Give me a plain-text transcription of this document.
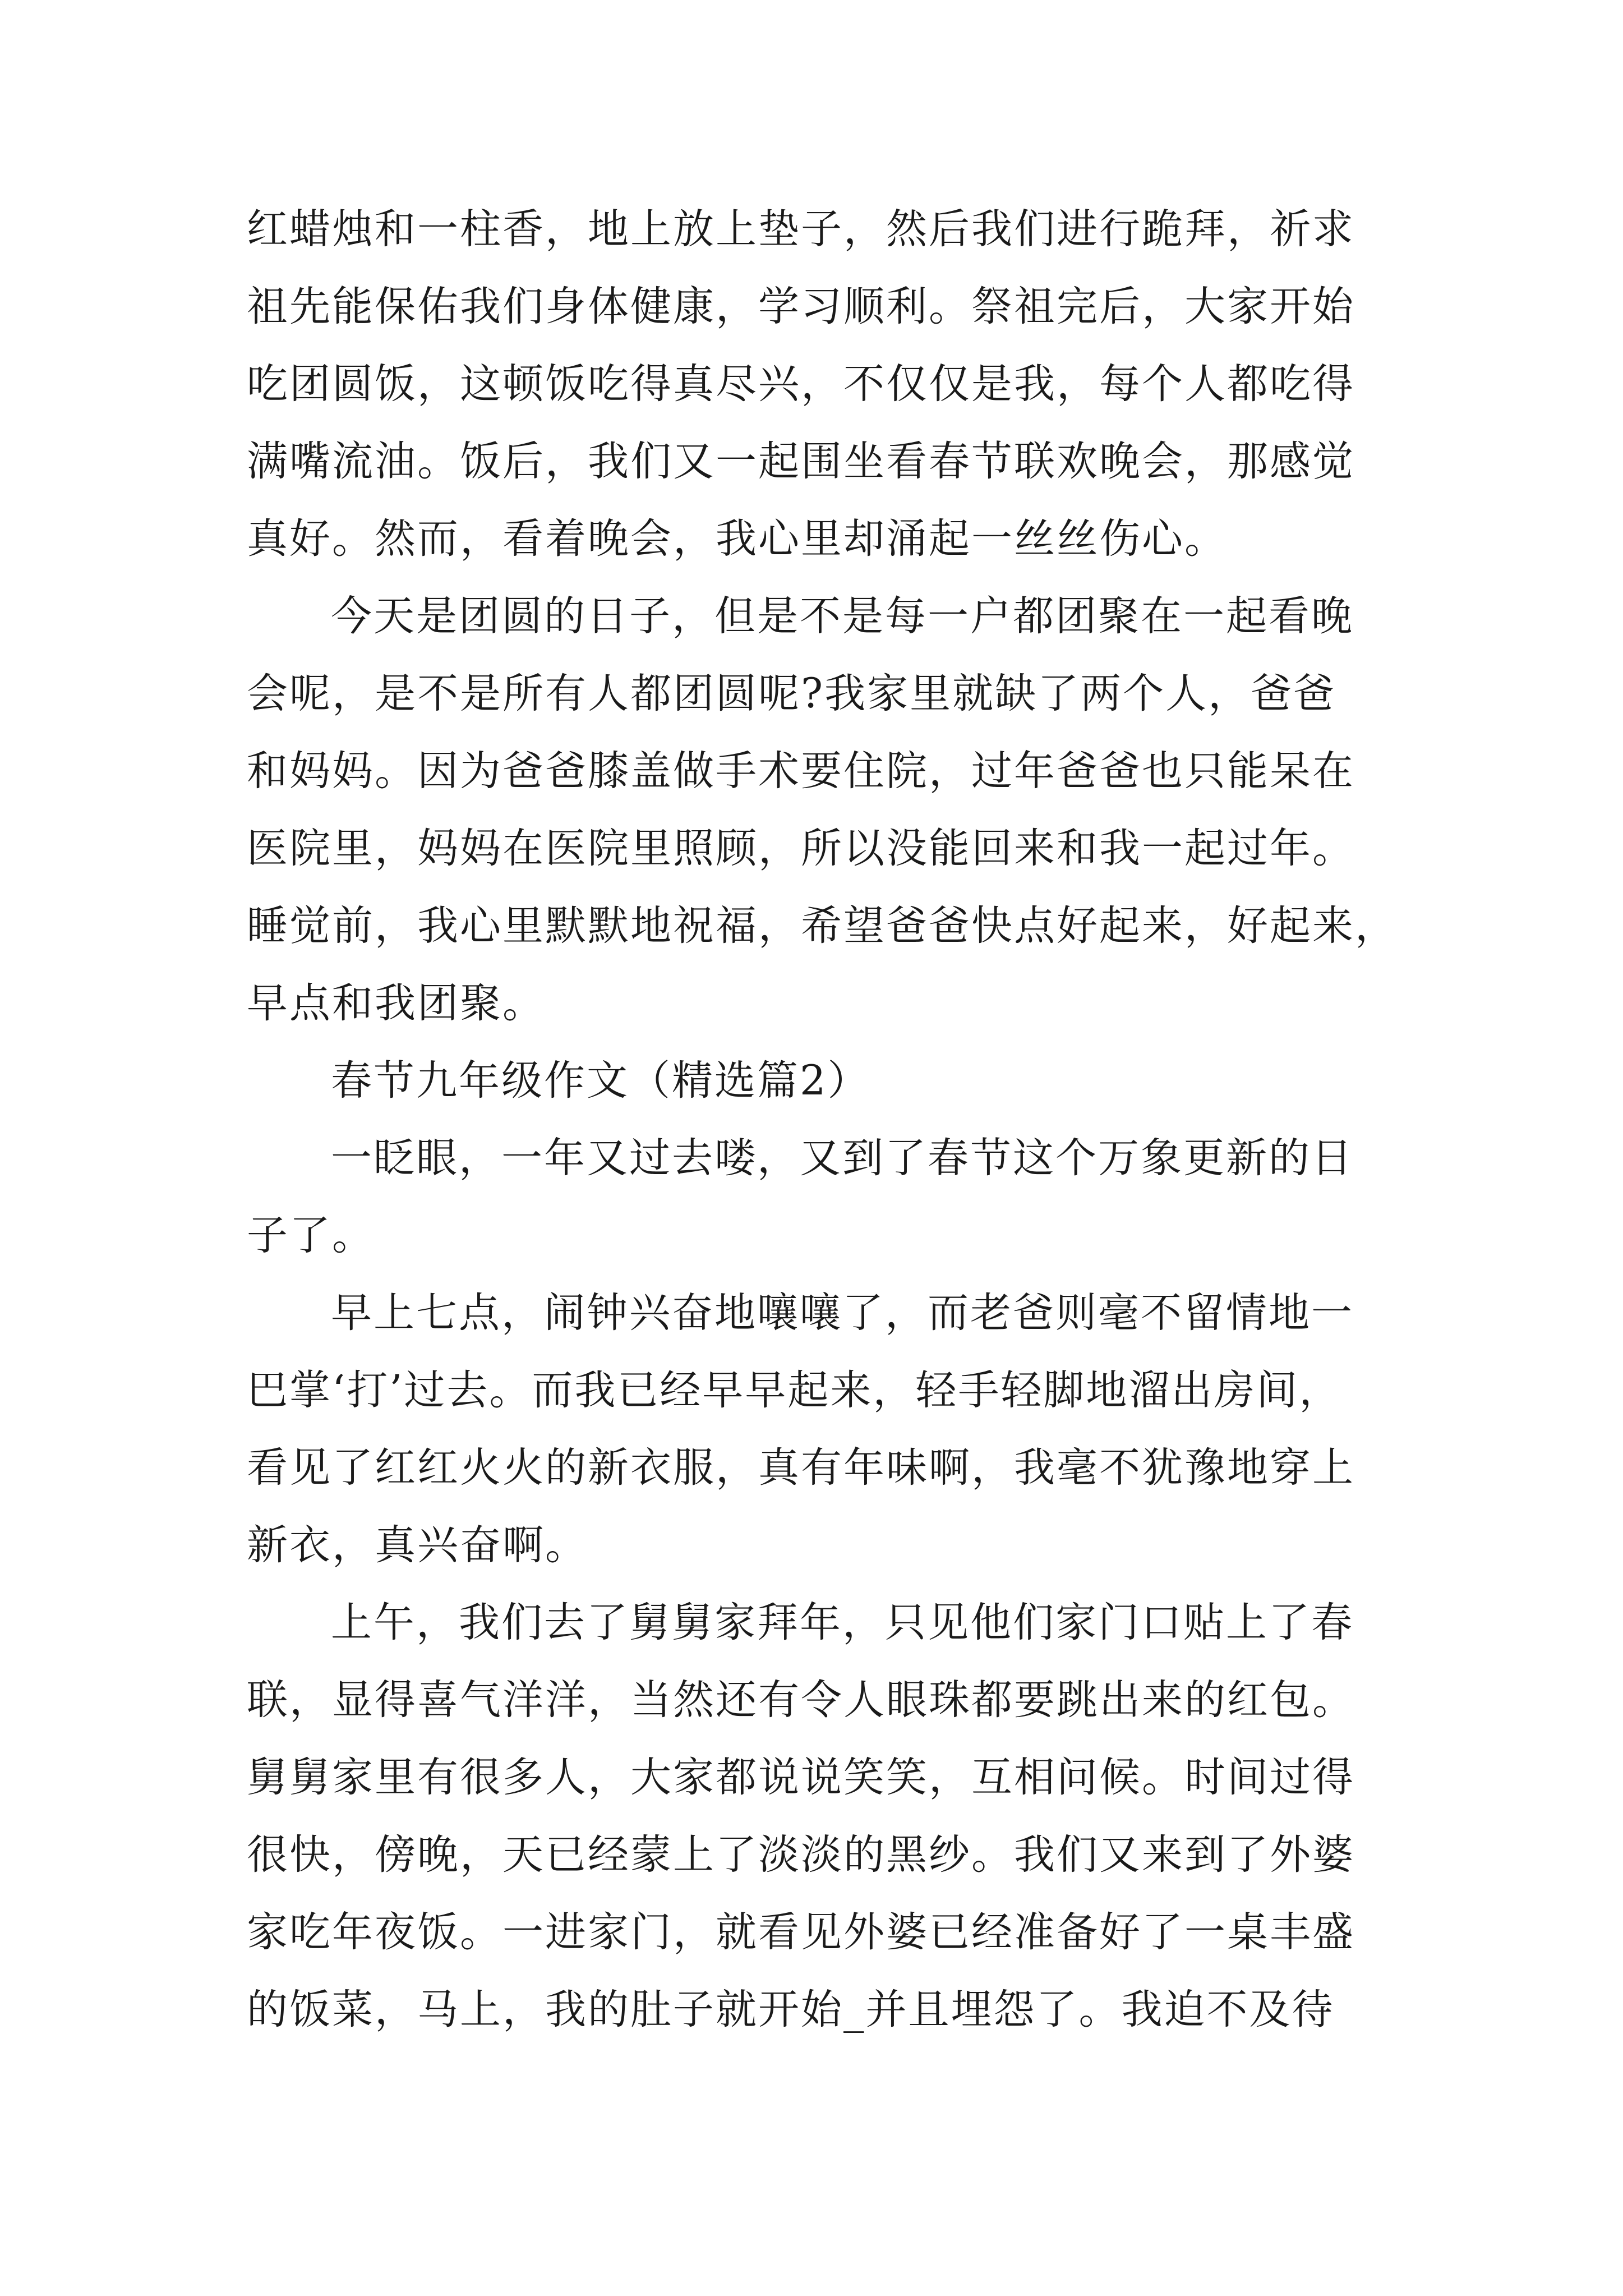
红蜡烛和一柱香，地上放上垫子，然后我们进行跪拜，祈求
祖先能保佑我们身体健康，学习顺利。祭祖完后，大家开始
吃团圆饭，这顿饭吃得真尽兴，不仅仅是我，每个人都吃得
满嘴流油。饭后，我们又一起围坐看春节联欢晚会，那感觉
真好。然而，看着晚会，我心里却涌起一丝丝伤心。
今天是团圆的日子，但是不是每一户都团聚在一起看晚
会呢，是不是所有人都团圆呢?我家里就缺了两个人，爸爸
和妈妈。因为爸爸膝盖做手术要住院，过年爸爸也只能呆在
医院里，妈妈在医院里照顾，所以没能回来和我一起过年。
睡觉前，我心里默默地祝福，希望爸爸快点好起来，好起来，
早点和我团聚。
春节九年级作文（精选篇2）
一眨眼，一年又过去喽，又到了春节这个万象更新的日
子了。
早上七点，闹钟兴奋地嚷嚷了，而老爸则毫不留情地一
巴掌‘打’过去。而我已经早早起来，轻手轻脚地溜出房间，
看见了红红火火的新衣服，真有年味啊，我毫不犹豫地穿上
新衣，真兴奋啊。
上午，我们去了舅舅家拜年，只见他们家门口贴上了春
联，显得喜气洋洋，当然还有令人眼珠都要跳出来的红包。
舅舅家里有很多人，大家都说说笑笑，互相问候。时间过得
很快，傍晚，天已经蒙上了淡淡的黑纱。我们又来到了外婆
家吃年夜饭。一进家门，就看见外婆已经准备好了一桌丰盛
的饭菜，马上，我的肚子就开始_并且埋怨了。我迫不及待
